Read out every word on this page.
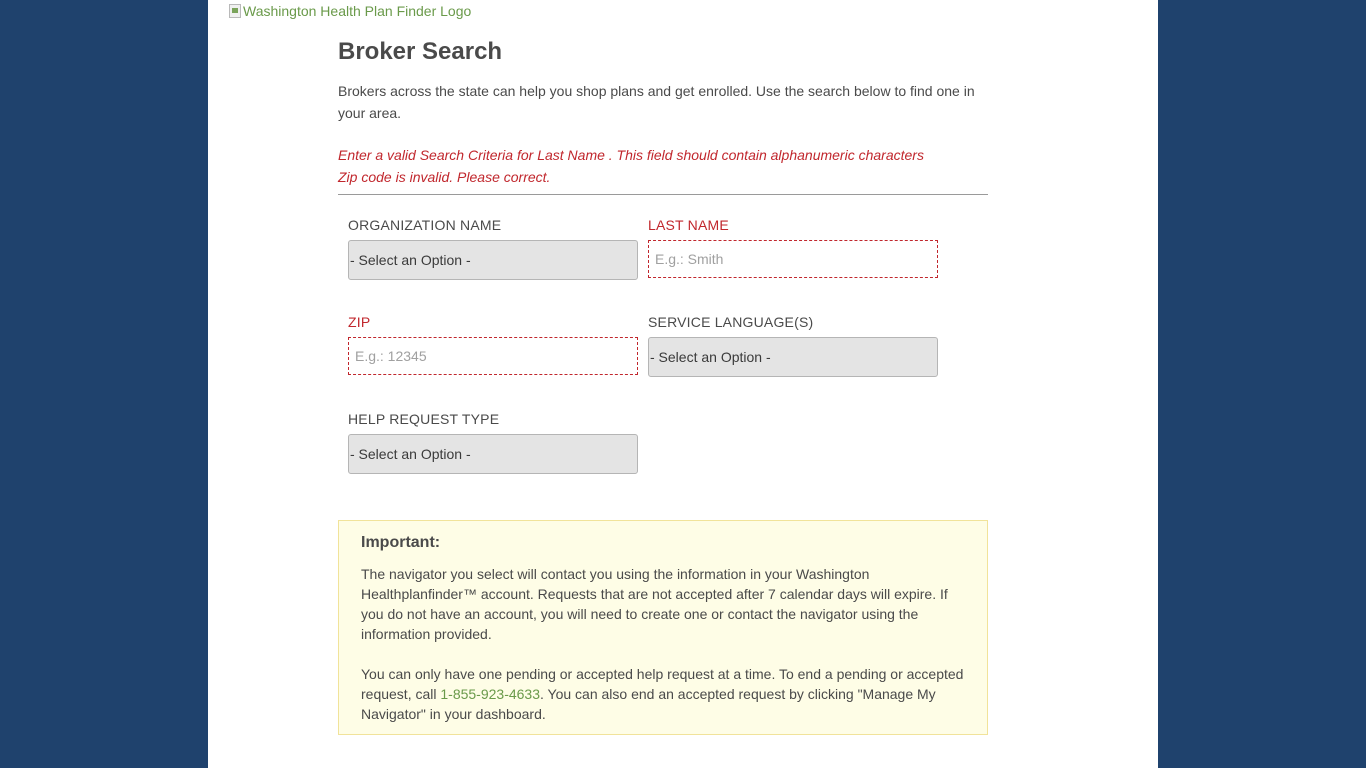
Washington Health Plan Finder Logo
Broker Search
Brokers across the state can help you shop plans and get enrolled. Use the search below to find one in your area.
Enter a valid Search Criteria for Last Name . This field should contain alphanumeric characters
Zip code is invalid. Please correct.
ORGANIZATION NAME
- Select an Option -
LAST NAME
E.g.: Smith
ZIP
E.g.: 12345	SERVICE LANGUAGE(S)
- Select an Option -
HELP REQUEST TYPE
- Select an Option -
Important:

The navigator you select will contact you using the information in your Washington Healthplanfinder™ account. Requests that are not accepted after 7 calendar days will expire. If you do not have an account, you will need to create one or contact the navigator using the information provided.

You can only have one pending or accepted help request at a time. To end a pending or accepted request, call 1-855-923-4633. You can also end an accepted request by clicking "Manage My Navigator" in your dashboard.
